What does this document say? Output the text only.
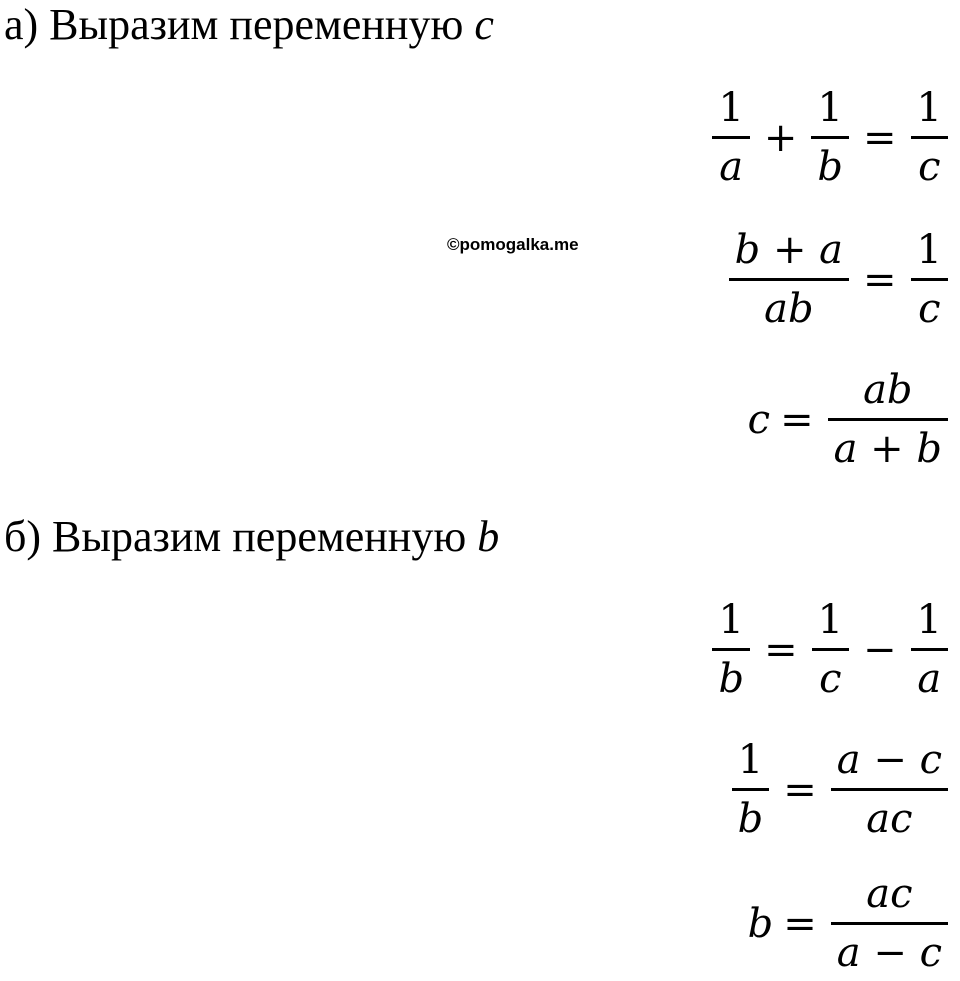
а) Выразим переменную c
©pomogalka.me
$\frac{1}{a} + \frac{1}{b} = \frac{1}{c}$
$\frac{b + a}{ab} = \frac{1}{c}$
$c = \frac{ab}{a + b}$
б) Выразим переменную b
$\frac{1}{b} = \frac{1}{c} - \frac{1}{a}$
$\frac{1}{b} = \frac{a - c}{ac}$
$b = \frac{ac}{a - c}$
